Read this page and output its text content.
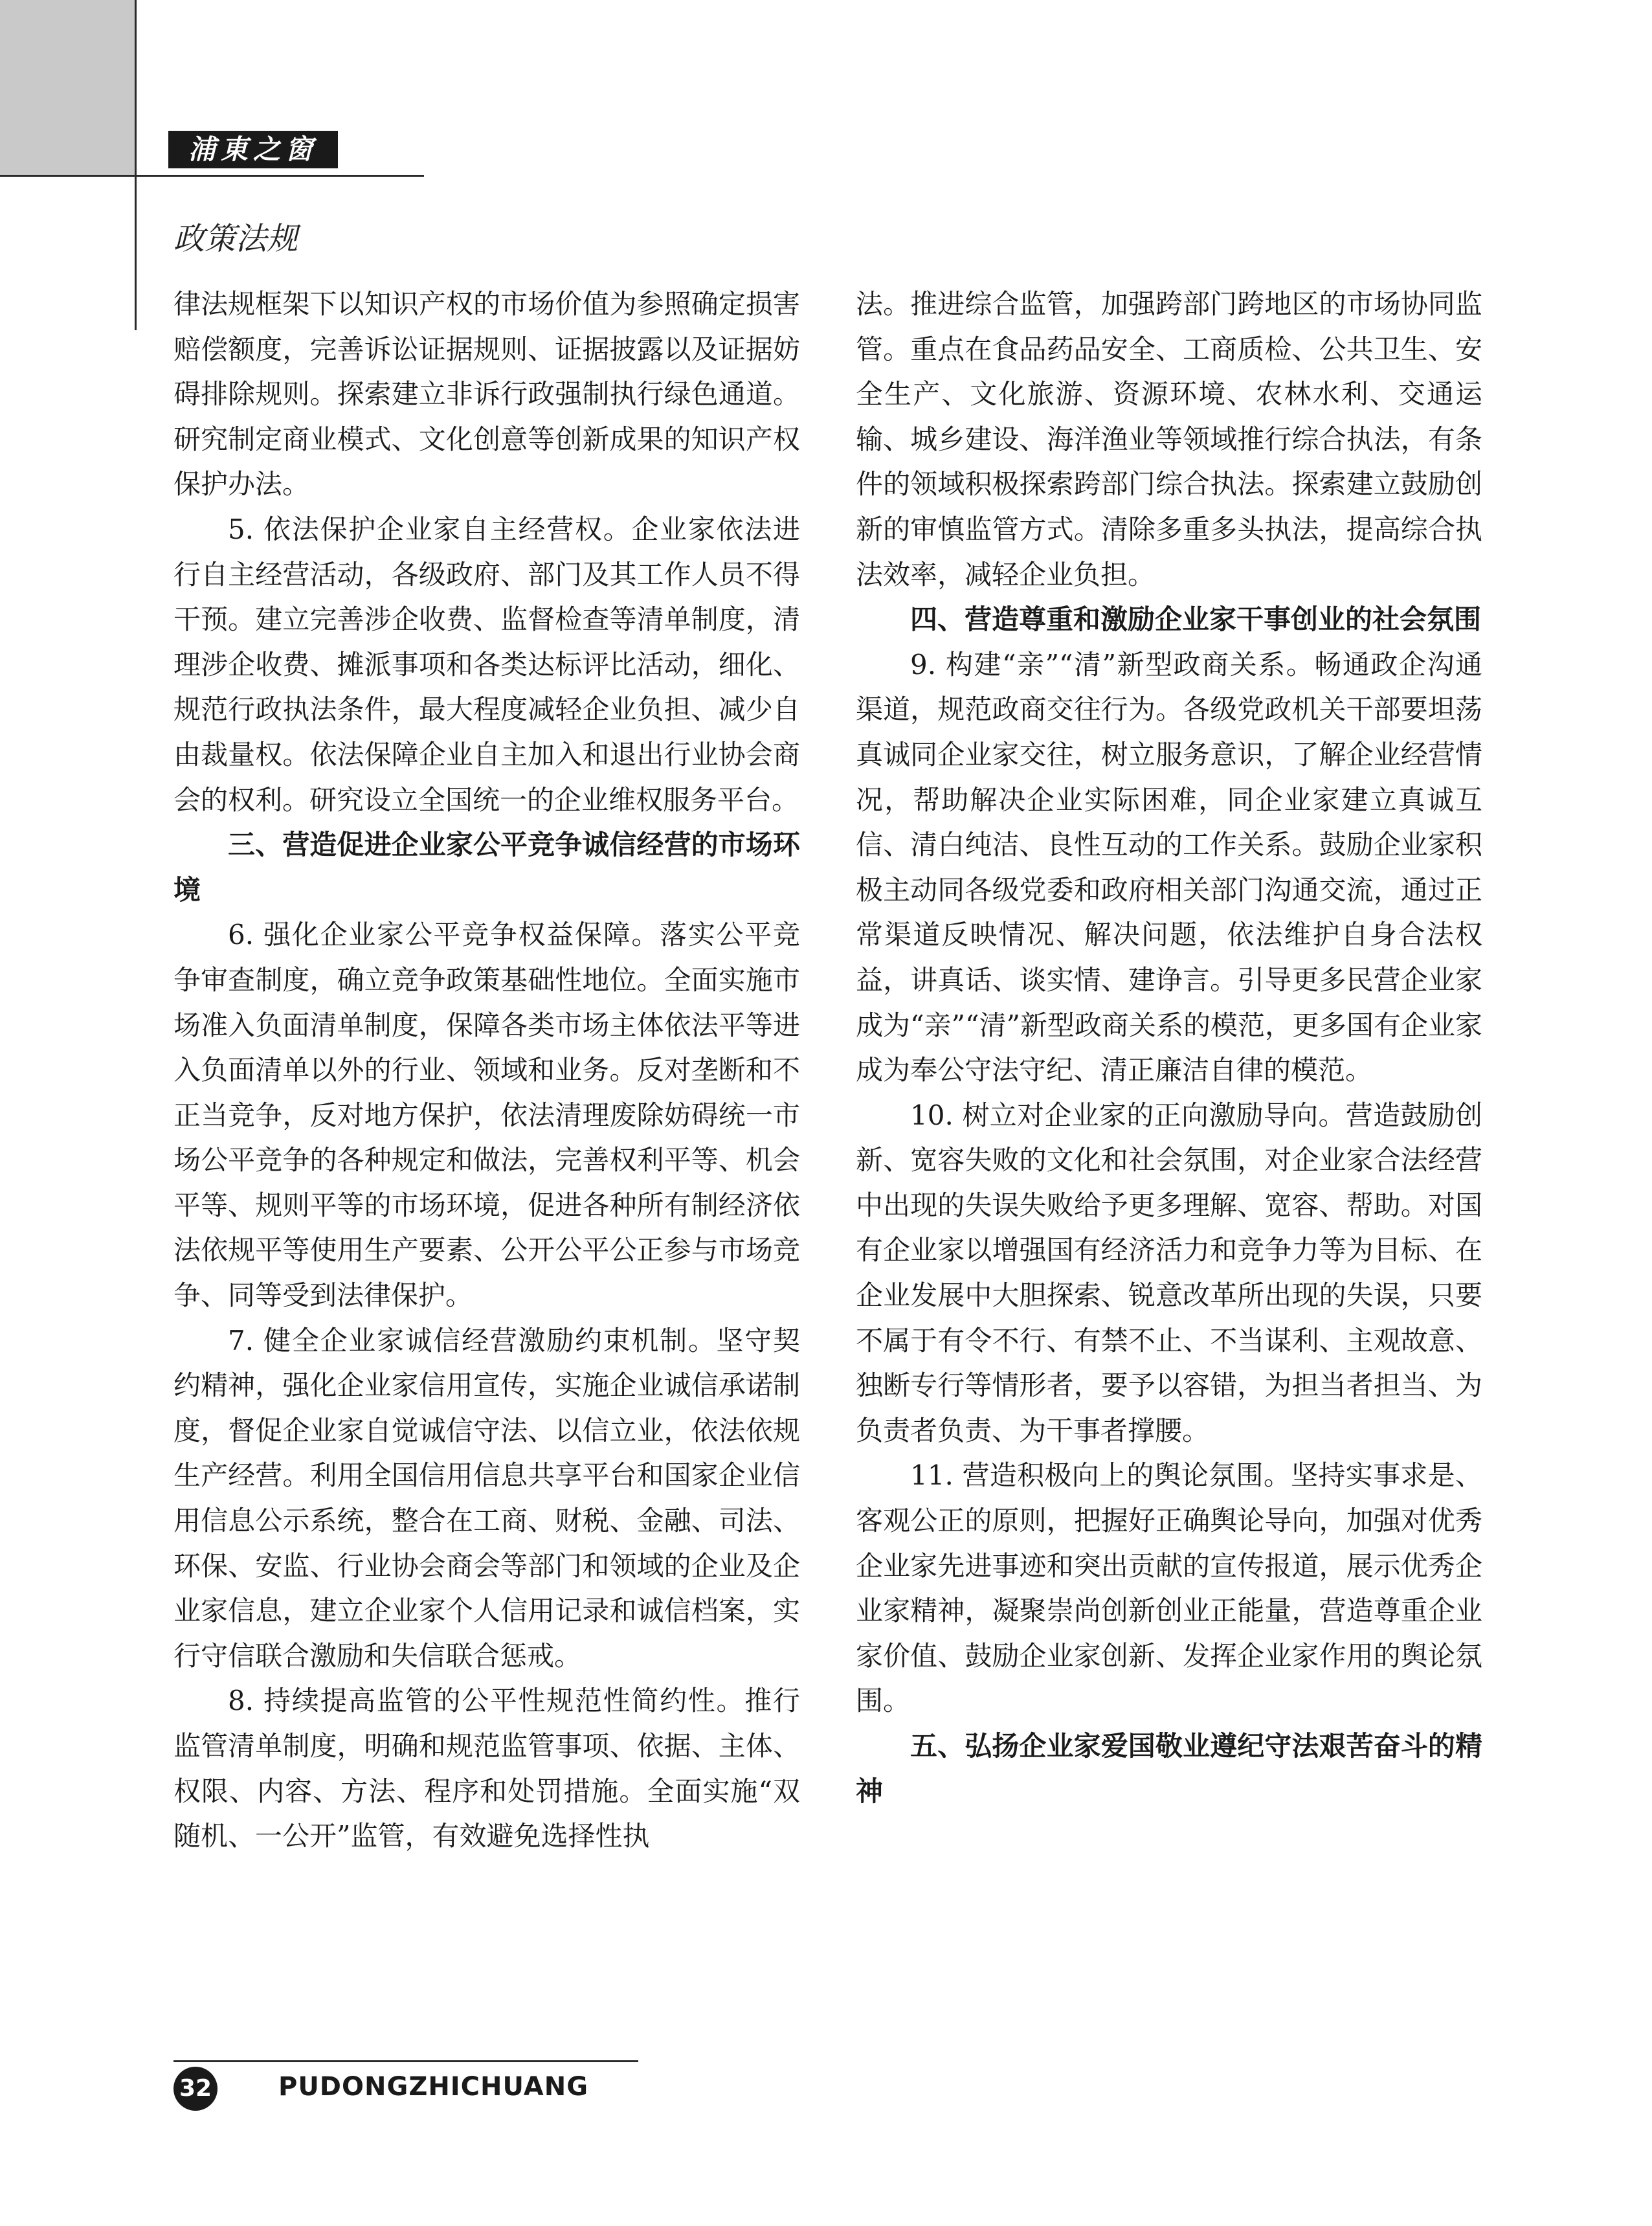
浦東之窗
政策法规

律法规框架下以知识产权的市场价值为参照确定损害赔偿额度，完善诉讼证据规则、证据披露以及证据妨碍排除规则。探索建立非诉行政强制执行绿色通道。研究制定商业模式、文化创意等创新成果的知识产权保护办法。

5. 依法保护企业家自主经营权。企业家依法进行自主经营活动，各级政府、部门及其工作人员不得干预。建立完善涉企收费、监督检查等清单制度，清理涉企收费、摊派事项和各类达标评比活动，细化、规范行政执法条件，最大程度减轻企业负担、减少自由裁量权。依法保障企业自主加入和退出行业协会商会的权利。研究设立全国统一的企业维权服务平台。

三、营造促进企业家公平竞争诚信经营的市场环境

6. 强化企业家公平竞争权益保障。落实公平竞争审查制度，确立竞争政策基础性地位。全面实施市场准入负面清单制度，保障各类市场主体依法平等进入负面清单以外的行业、领域和业务。反对垄断和不正当竞争，反对地方保护，依法清理废除妨碍统一市场公平竞争的各种规定和做法，完善权利平等、机会平等、规则平等的市场环境，促进各种所有制经济依法依规平等使用生产要素、公开公平公正参与市场竞争、同等受到法律保护。

7. 健全企业家诚信经营激励约束机制。坚守契约精神，强化企业家信用宣传，实施企业诚信承诺制度，督促企业家自觉诚信守法、以信立业，依法依规生产经营。利用全国信用信息共享平台和国家企业信用信息公示系统，整合在工商、财税、金融、司法、环保、安监、行业协会商会等部门和领域的企业及企业家信息，建立企业家个人信用记录和诚信档案，实行守信联合激励和失信联合惩戒。

8. 持续提高监管的公平性规范性简约性。推行监管清单制度，明确和规范监管事项、依据、主体、权限、内容、方法、程序和处罚措施。全面实施“双随机、一公开”监管，有效避免选择性执

法。推进综合监管，加强跨部门跨地区的市场协同监管。重点在食品药品安全、工商质检、公共卫生、安全生产、文化旅游、资源环境、农林水利、交通运输、城乡建设、海洋渔业等领域推行综合执法，有条件的领域积极探索跨部门综合执法。探索建立鼓励创新的审慎监管方式。清除多重多头执法，提高综合执法效率，减轻企业负担。

四、营造尊重和激励企业家干事创业的社会氛围

9. 构建“亲”“清”新型政商关系。畅通政企沟通渠道，规范政商交往行为。各级党政机关干部要坦荡真诚同企业家交往，树立服务意识，了解企业经营情况，帮助解决企业实际困难，同企业家建立真诚互信、清白纯洁、良性互动的工作关系。鼓励企业家积极主动同各级党委和政府相关部门沟通交流，通过正常渠道反映情况、解决问题，依法维护自身合法权益，讲真话、谈实情、建诤言。引导更多民营企业家成为“亲”“清”新型政商关系的模范，更多国有企业家成为奉公守法守纪、清正廉洁自律的模范。

10. 树立对企业家的正向激励导向。营造鼓励创新、宽容失败的文化和社会氛围，对企业家合法经营中出现的失误失败给予更多理解、宽容、帮助。对国有企业家以增强国有经济活力和竞争力等为目标、在企业发展中大胆探索、锐意改革所出现的失误，只要不属于有令不行、有禁不止、不当谋利、主观故意、独断专行等情形者，要予以容错，为担当者担当、为负责者负责、为干事者撑腰。

11. 营造积极向上的舆论氛围。坚持实事求是、客观公正的原则，把握好正确舆论导向，加强对优秀企业家先进事迹和突出贡献的宣传报道，展示优秀企业家精神，凝聚崇尚创新创业正能量，营造尊重企业家价值、鼓励企业家创新、发挥企业家作用的舆论氛围。

五、弘扬企业家爱国敬业遵纪守法艰苦奋斗的精神

32	PUDONGZHICHUANG
